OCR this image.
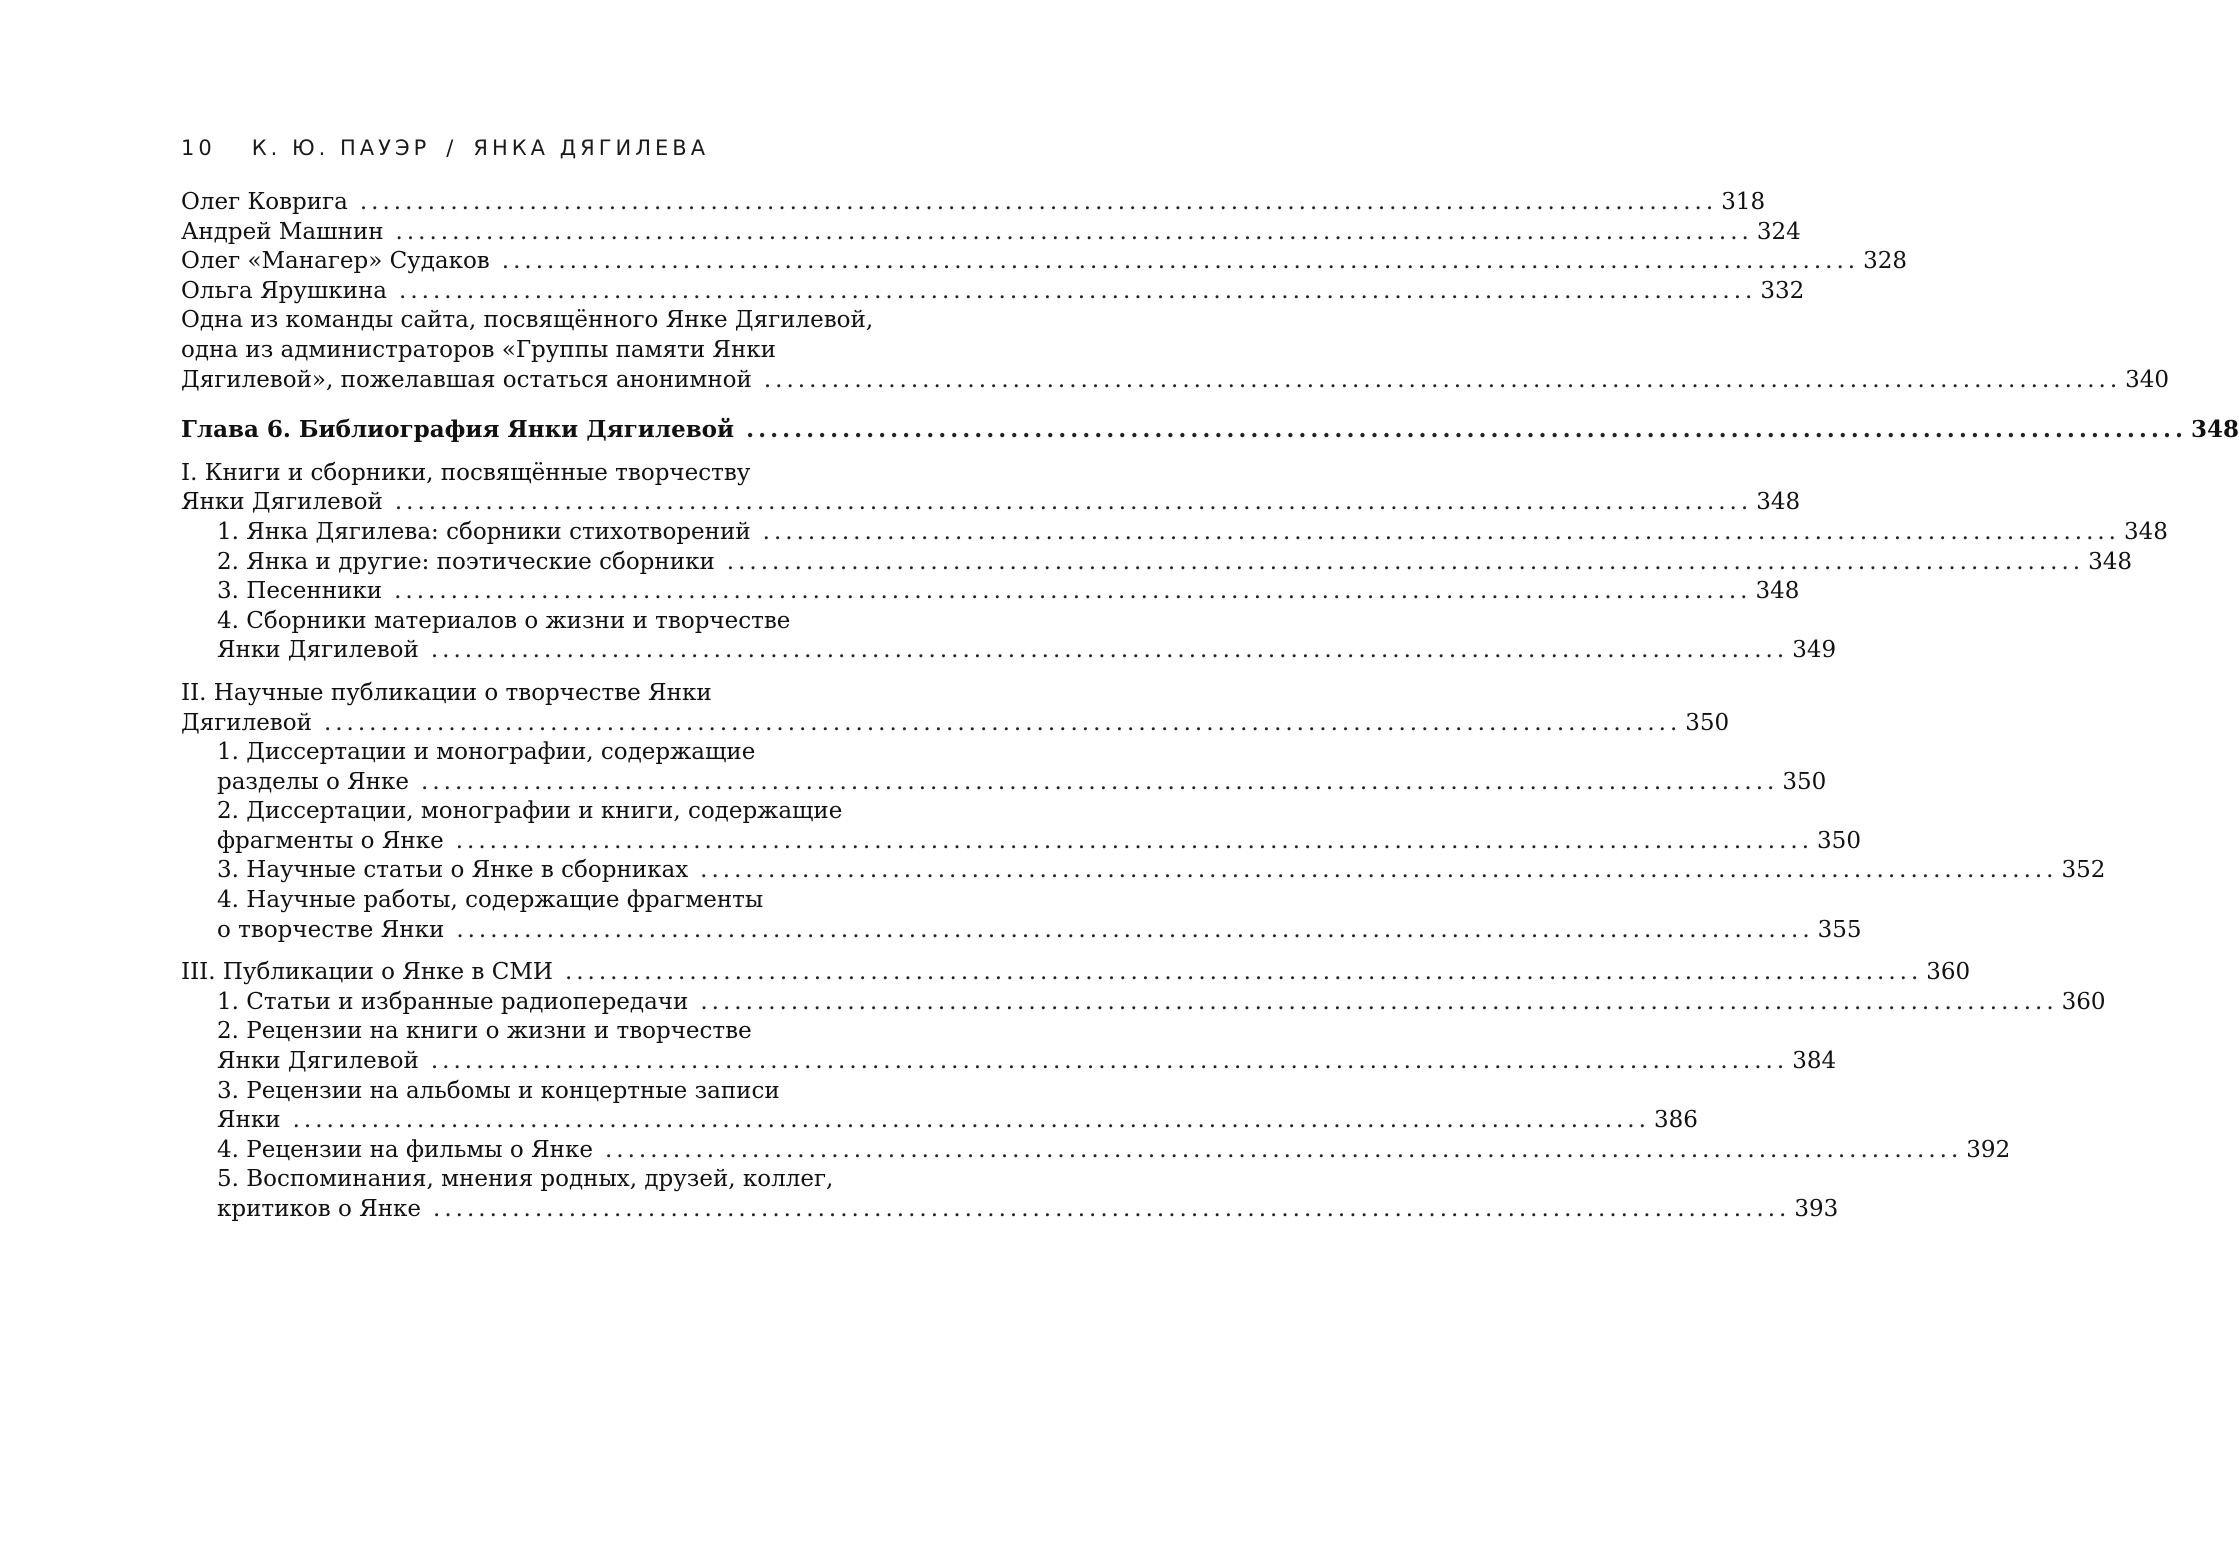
10 К. Ю. ПАУЭР / ЯНКА ДЯГИЛЕВА
Олег Коврига ........................................................................................................................ 318
Андрей Машнин ........................................................................................................................ 324
Олег «Манагер» Судаков ........................................................................................................................ 328
Ольга Ярушкина ........................................................................................................................ 332
Одна из команды сайта, посвящённого Янке Дягилевой,
одна из администраторов «Группы памяти Янки
Дягилевой», пожелавшая остаться анонимной ........................................................................................................................ 340
Глава 6. Библиография Янки Дягилевой ........................................................................................................................ 348
I. Книги и сборники, посвящённые творчеству
Янки Дягилевой ........................................................................................................................ 348
1. Янка Дягилева: сборники стихотворений ........................................................................................................................ 348
2. Янка и другие: поэтические сборники ........................................................................................................................ 348
3. Песенники ........................................................................................................................ 348
4. Сборники материалов о жизни и творчестве
Янки Дягилевой ........................................................................................................................ 349
II. Научные публикации о творчестве Янки
Дягилевой ........................................................................................................................ 350
1. Диссертации и монографии, содержащие
разделы о Янке ........................................................................................................................ 350
2. Диссертации, монографии и книги, содержащие
фрагменты о Янке ........................................................................................................................ 350
3. Научные статьи о Янке в сборниках ........................................................................................................................ 352
4. Научные работы, содержащие фрагменты
о творчестве Янки ........................................................................................................................ 355
III. Публикации о Янке в СМИ ........................................................................................................................ 360
1. Статьи и избранные радиопередачи ........................................................................................................................ 360
2. Рецензии на книги о жизни и творчестве
Янки Дягилевой ........................................................................................................................ 384
3. Рецензии на альбомы и концертные записи
Янки ........................................................................................................................ 386
4. Рецензии на фильмы о Янке ........................................................................................................................ 392
5. Воспоминания, мнения родных, друзей, коллег,
критиков о Янке ........................................................................................................................ 393
